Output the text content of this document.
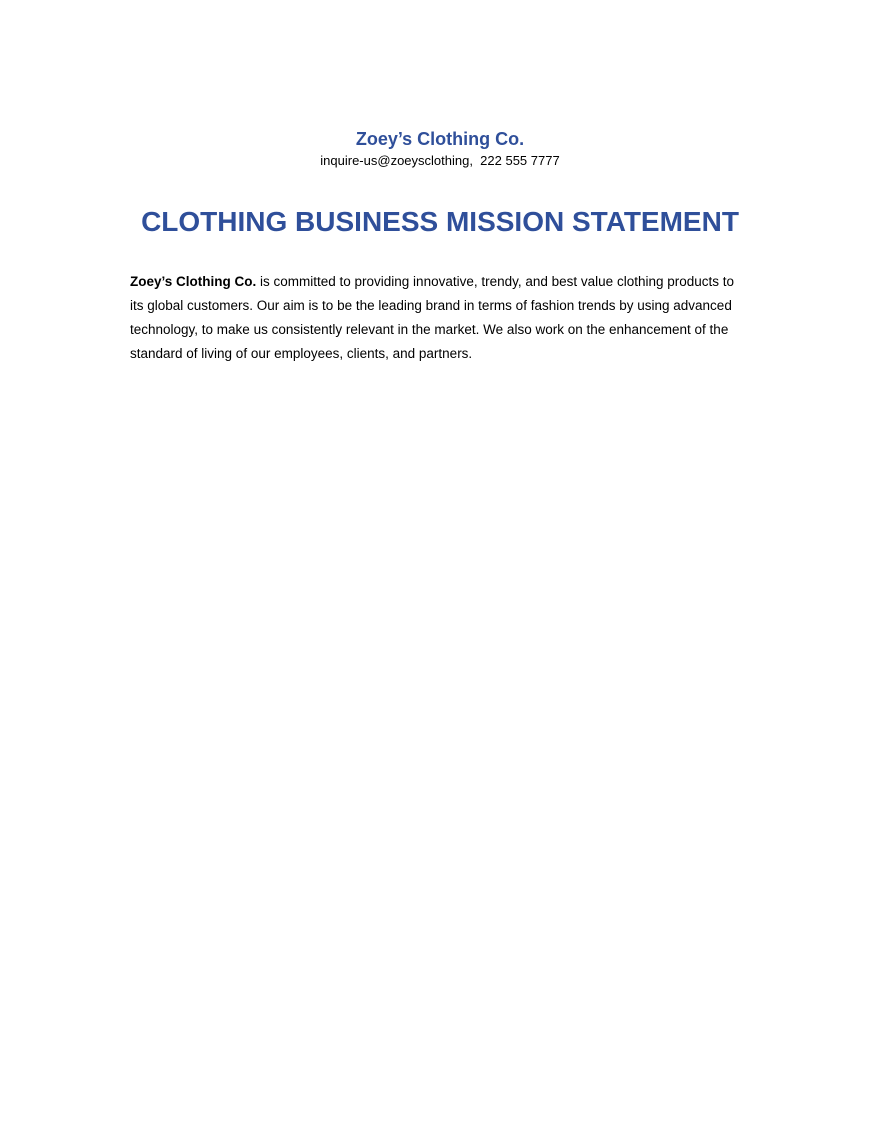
Zoey’s Clothing Co.
inquire-us@zoeysclothing,  222 555 7777
CLOTHING BUSINESS MISSION STATEMENT
Zoey’s Clothing Co. is committed to providing innovative, trendy, and best value clothing products to its global customers. Our aim is to be the leading brand in terms of fashion trends by using advanced technology, to make us consistently relevant in the market. We also work on the enhancement of the standard of living of our employees, clients, and partners.
